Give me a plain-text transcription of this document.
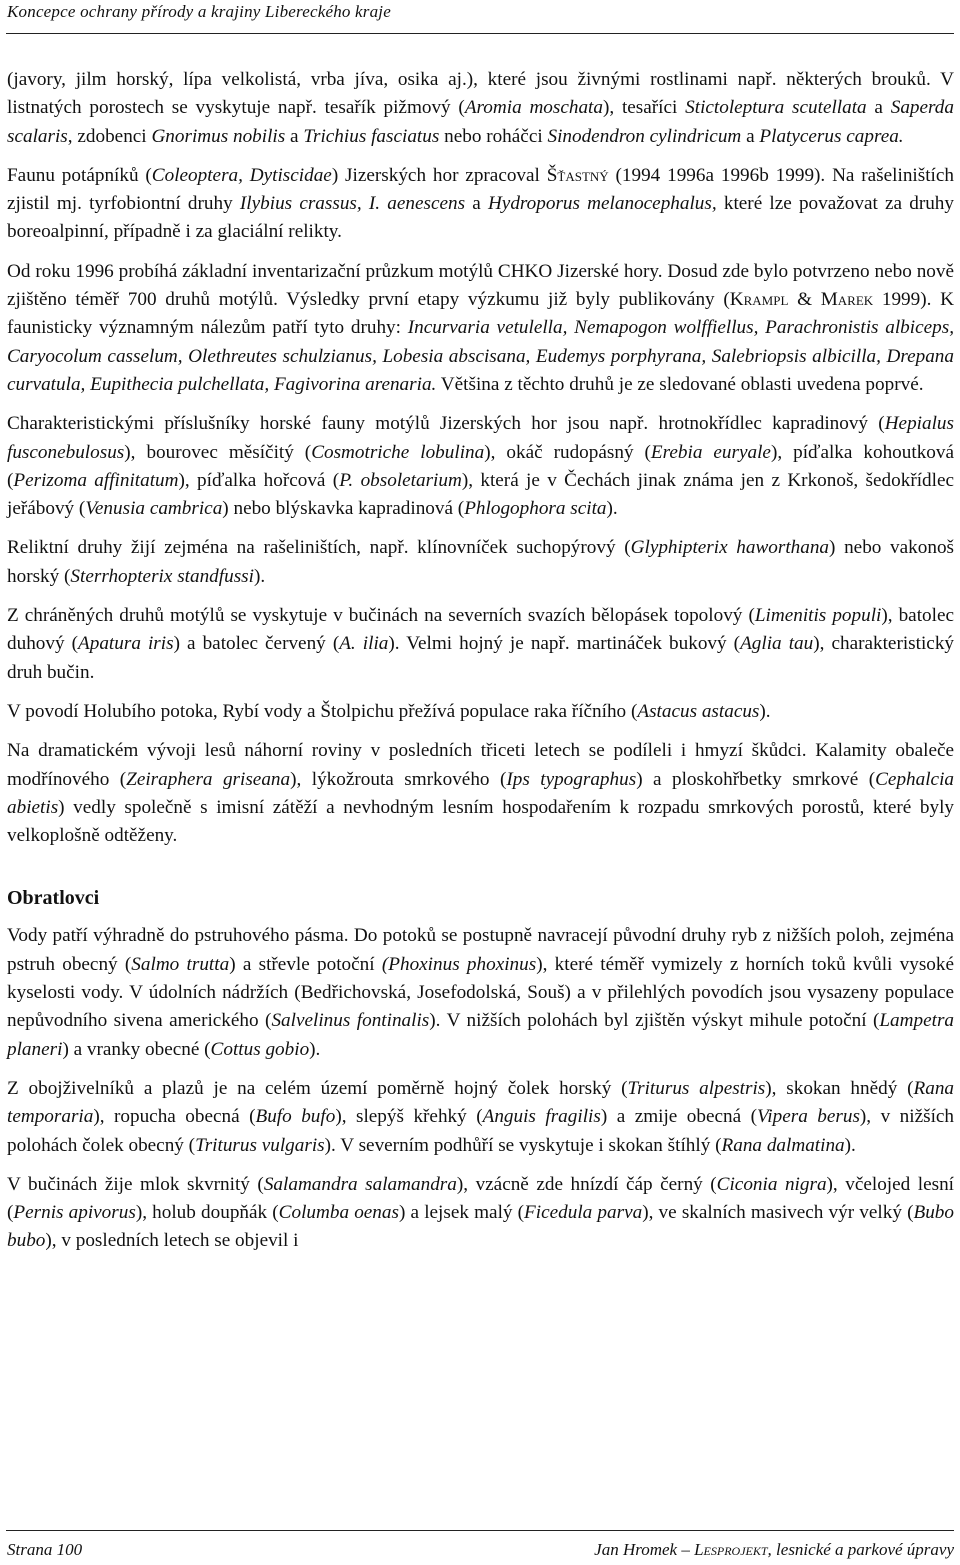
Koncepce ochrany přírody a krajiny Libereckého kraje

(javory, jilm horský, lípa velkolistá, vrba jíva, osika aj.), které jsou živnými rostlinami např. některých brouků. V listnatých porostech se vyskytuje např. tesařík pižmový (Aromia moschata), tesaříci Stictoleptura scutellata a Saperda scalaris, zdobenci Gnorimus nobilis a Trichius fasciatus nebo roháčci Sinodendron cylindricum a Platycerus caprea.

Faunu potápníků (Coleoptera, Dytiscidae) Jizerských hor zpracoval Šťastný (1994 1996a 1996b 1999). Na rašeliništích zjistil mj. tyrfobiontní druhy Ilybius crassus, I. aenescens a Hydroporus melanocephalus, které lze považovat za druhy boreoalpinní, případně i za glaciální relikty.

Od roku 1996 probíhá základní inventarizační průzkum motýlů CHKO Jizerské hory. Dosud zde bylo potvrzeno nebo nově zjištěno téměř 700 druhů motýlů. Výsledky první etapy výzkumu již byly publikovány (Krampl & Marek 1999). K faunisticky významným nálezům patří tyto druhy: Incurvaria vetulella, Nemapogon wolffiellus, Parachronistis albiceps, Caryocolum casselum, Olethreutes schulzianus, Lobesia abscisana, Eudemys porphyrana, Salebriopsis albicilla, Drepana curvatula, Eupithecia pulchellata, Fagivorina arenaria. Většina z těchto druhů je ze sledované oblasti uvedena poprvé.

Charakteristickými příslušníky horské fauny motýlů Jizerských hor jsou např. hrotnokřídlec kapradinový (Hepialus fusconebulosus), bourovec měsíčitý (Cosmotriche lobulina), okáč rudopásný (Erebia euryale), píďalka kohoutková (Perizoma affinitatum), píďalka hořcová (P. obsoletarium), která je v Čechách jinak známa jen z Krkonoš, šedokřídlec jeřábový (Venusia cambrica) nebo blýskavka kapradinová (Phlogophora scita).

Reliktní druhy žijí zejména na rašeliništích, např. klínovníček suchopýrový (Glyphipterix haworthana) nebo vakonoš horský (Sterrhopterix standfussi).

Z chráněných druhů motýlů se vyskytuje v bučinách na severních svazích bělopásek topolový (Limenitis populi), batolec duhový (Apatura iris) a batolec červený (A. ilia). Velmi hojný je např. martináček bukový (Aglia tau), charakteristický druh bučin.

V povodí Holubího potoka, Rybí vody a Štolpichu přežívá populace raka říčního (Astacus astacus).

Na dramatickém vývoji lesů náhorní roviny v posledních třiceti letech se podíleli i hmyzí škůdci. Kalamity obaleče modřínového (Zeiraphera griseana), lýkožrouta smrkového (Ips typographus) a ploskohřbetky smrkové (Cephalcia abietis) vedly společně s imisní zátěží a nevhodným lesním hospodařením k rozpadu smrkových porostů, které byly velkoplošně odtěženy.

Obratlovci

Vody patří výhradně do pstruhového pásma. Do potoků se postupně navracejí původní druhy ryb z nižších poloh, zejména pstruh obecný (Salmo trutta) a střevle potoční (Phoxinus phoxinus), které téměř vymizely z horních toků kvůli vysoké kyselosti vody. V údolních nádržích (Bedřichovská, Josefodolská, Souš) a v přilehlých povodích jsou vysazeny populace nepůvodního sivena amerického (Salvelinus fontinalis). V nižších polohách byl zjištěn výskyt mihule potoční (Lampetra planeri) a vranky obecné (Cottus gobio).

Z obojživelníků a plazů je na celém území poměrně hojný čolek horský (Triturus alpestris), skokan hnědý (Rana temporaria), ropucha obecná (Bufo bufo), slepýš křehký (Anguis fragilis) a zmije obecná (Vipera berus), v nižších polohách čolek obecný (Triturus vulgaris). V severním podhůří se vyskytuje i skokan štíhlý (Rana dalmatina).

V bučinách žije mlok skvrnitý (Salamandra salamandra), vzácně zde hnízdí čáp černý (Ciconia nigra), včelojed lesní (Pernis apivorus), holub doupňák (Columba oenas) a lejsek malý (Ficedula parva), ve skalních masivech výr velký (Bubo bubo), v posledních letech se objevil i

Strana 100	Jan Hromek – Lesprojekt, lesnické a parkové úpravy
